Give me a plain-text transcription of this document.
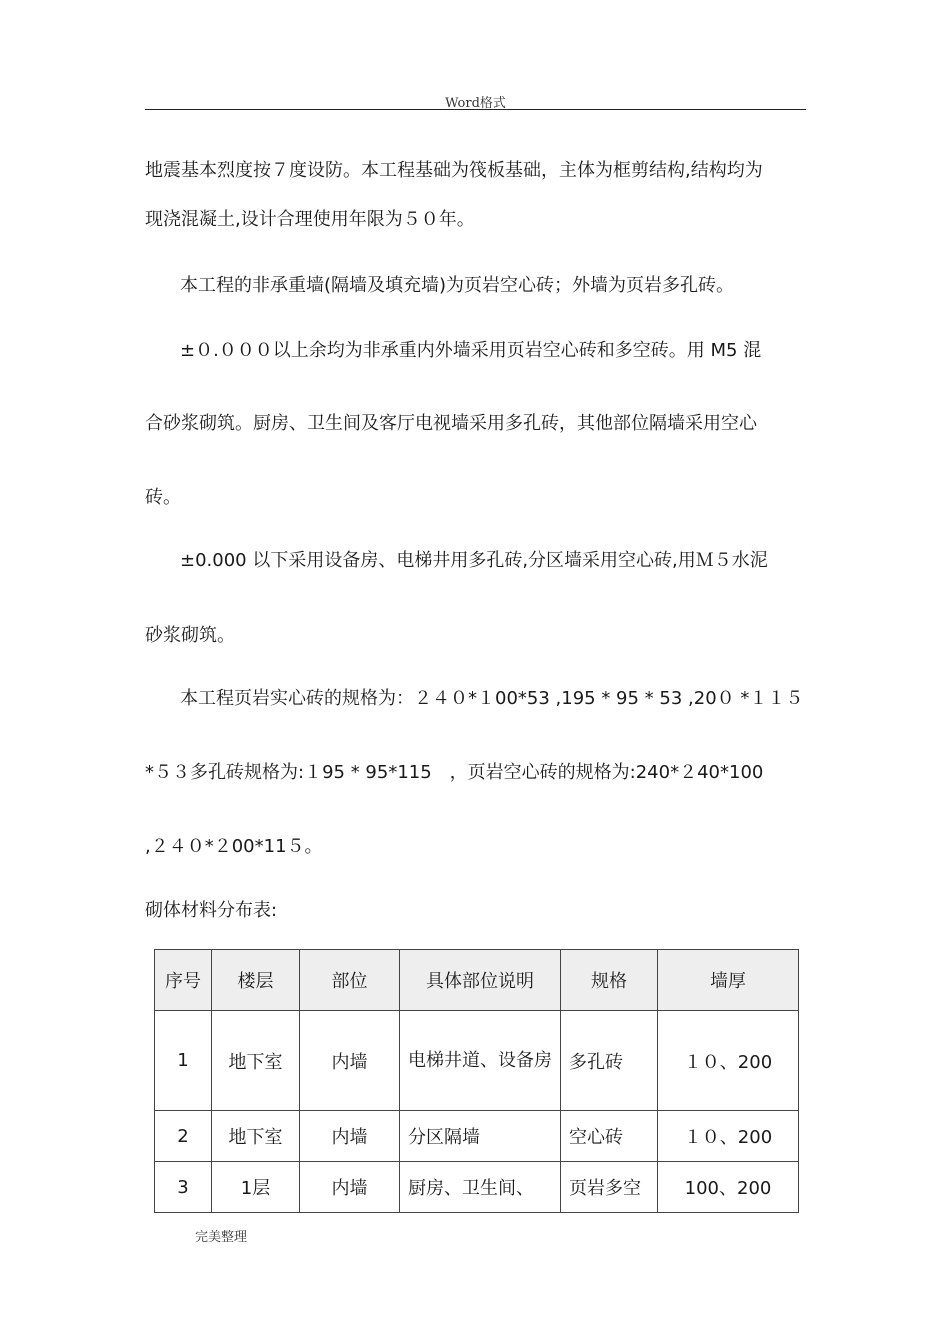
Word格式
地震基本烈度按７度设防。本工程基础为筏板基础，主体为框剪结构,结构均为
现浇混凝土,设计合理使用年限为５０年。
本工程的非承重墙(隔墙及填充墙)为页岩空心砖；外墙为页岩多孔砖。
±０.０００以上余均为非承重内外墙采用页岩空心砖和多空砖。用 M5 混
合砂浆砌筑。厨房、卫生间及客厅电视墙采用多孔砖，其他部位隔墙采用空心
砖。
±0.000 以下采用设备房、电梯井用多孔砖,分区墙采用空心砖,用Ｍ５水泥
砂浆砌筑。
本工程页岩实心砖的规格为：２４０*１00*53 ,195 * 95 * 53 ,20０ *１１５
*５３多孔砖规格为:１95 * 95*115　，页岩空心砖的规格为:240*２40*100
,２４０*２00*11５。
砌体材料分布表:
序号	楼层	部位	具体部位说明	规格	墙厚
1	地下室	内墙	电梯井道、设备房	多孔砖	１０、200
2	地下室	内墙	分区隔墙	空心砖	１０、200
3	1层	内墙	厨房、卫生间、	页岩多空	100、200
完美整理
